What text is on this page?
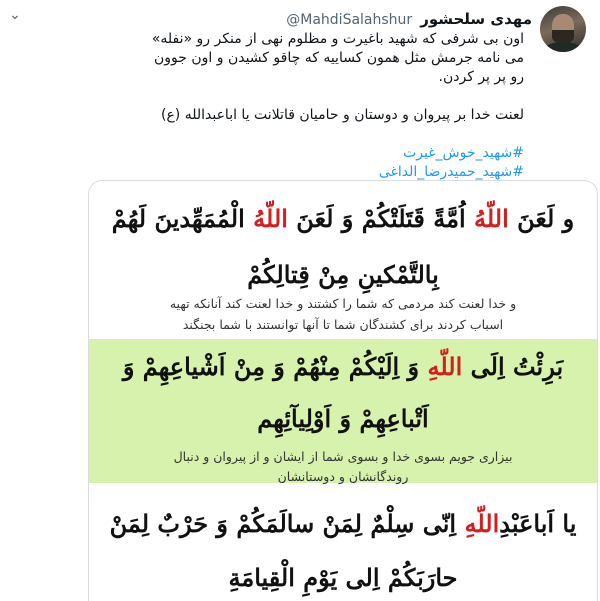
⌄	مهدی سلحشور
@MahdiSalahshur

اون بی شرفی که شهید باغیرت و مظلوم نهی از منکر رو «نفله»

می نامه جرمش مثل همون کساییه که چاقو کشیدن و اون جوون

رو پر پر کردن.

لعنت خدا بر پیروان و دوستان و حامیان قاتلانت یا اباعبدالله (ع)

#شهید_خوش_غیرت
#شهید_حمیدرضا_الداغی
و لَعَنَ اللّهُ اُمَّةً قَتَلَتْكُمْ وَ لَعَنَ اللّهُ الْمُمَهِّدينَ لَهُمْ
بِالتَّمْكينِ مِنْ قِتالِكُمْ
و خدا لعنت کند مردمی که شما را کشتند و خدا لعنت کند آنانکه تهیه
اسباب کردند برای کشندگان شما تا آنها توانستند با شما بجنگند
بَرِئْتُ اِلَى اللّهِ وَ اِلَيْكُمْ مِنْهُمْ وَ مِنْ اَشْياعِهِمْ وَ
اَتْباعِهِمْ وَ اَوْلِيآئِهِم
بیزاری جویم بسوی خدا و بسوی شما از ایشان و از پیروان و دنبال
روندگانشان و دوستانشان
يا اَباعَبْدِاللّهِ اِنّى سِلْمٌ لِمَنْ سالَمَكُمْ وَ حَرْبٌ لِمَنْ
حارَبَكُمْ اِلى يَوْمِ الْقِيامَةِ
